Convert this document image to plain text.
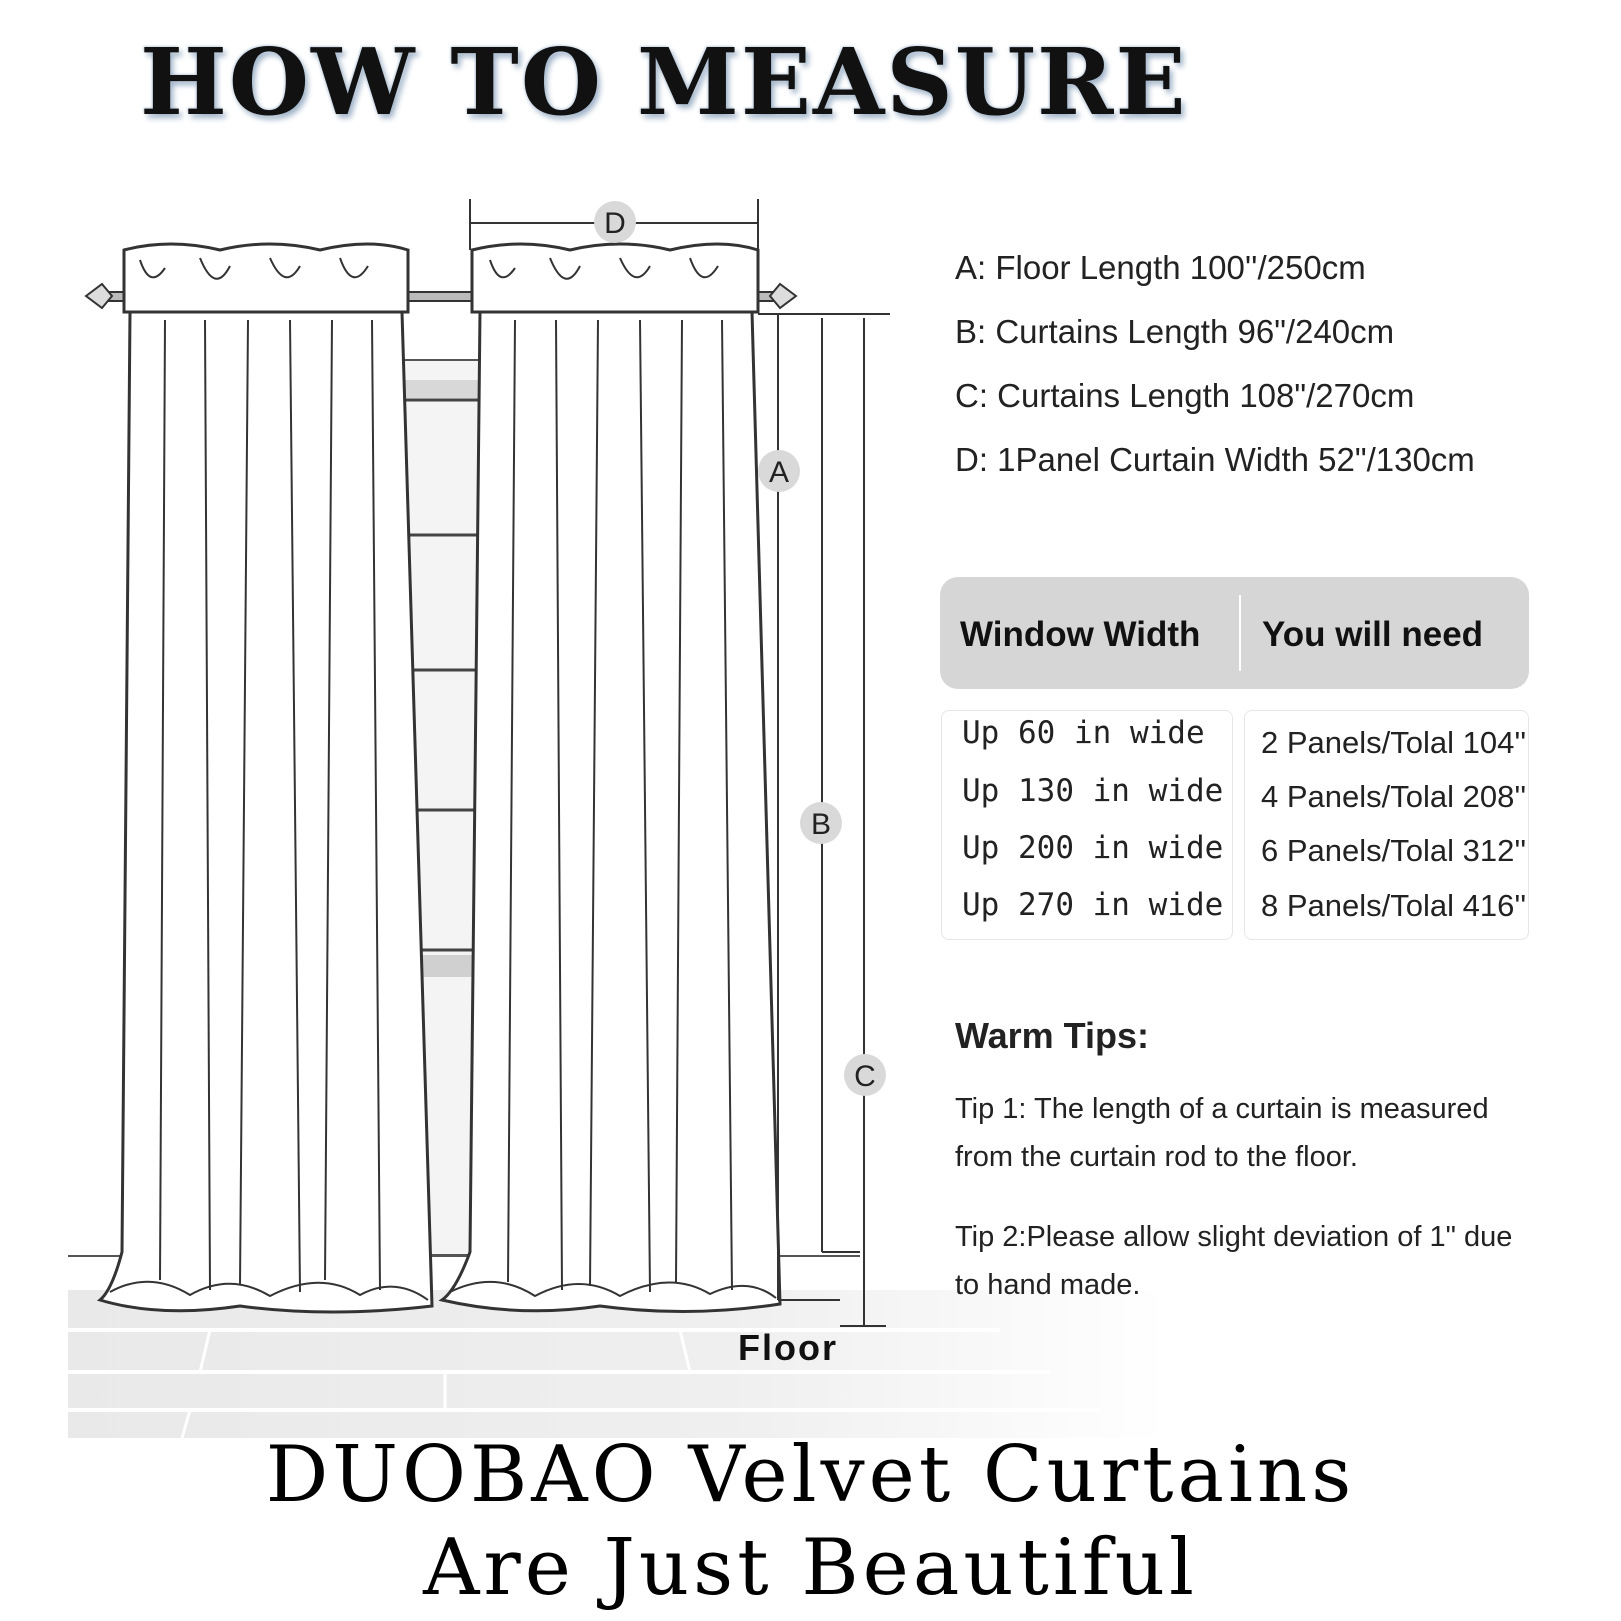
HOW TO MEASURE
D
A
B
C
Floor
A: Floor Length 100''/250cm
B: Curtains Length 96"/240cm
C: Curtains Length 108"/270cm
D: 1Panel Curtain Width 52"/130cm
Window Width You will need
Up 60 in wide
Up 130 in wide
Up 200 in wide
Up 270 in wide
2 Panels/Tolal 104''
4 Panels/Tolal 208''
6 Panels/Tolal 312''
8 Panels/Tolal 416''
Warm Tips:

Tip 1: The length of a curtain is measured from the curtain rod to the floor.

Tip 2:Please allow slight deviation of 1" due to hand made.

DUOBAO Velvet Curtains

Are Just Beautiful
